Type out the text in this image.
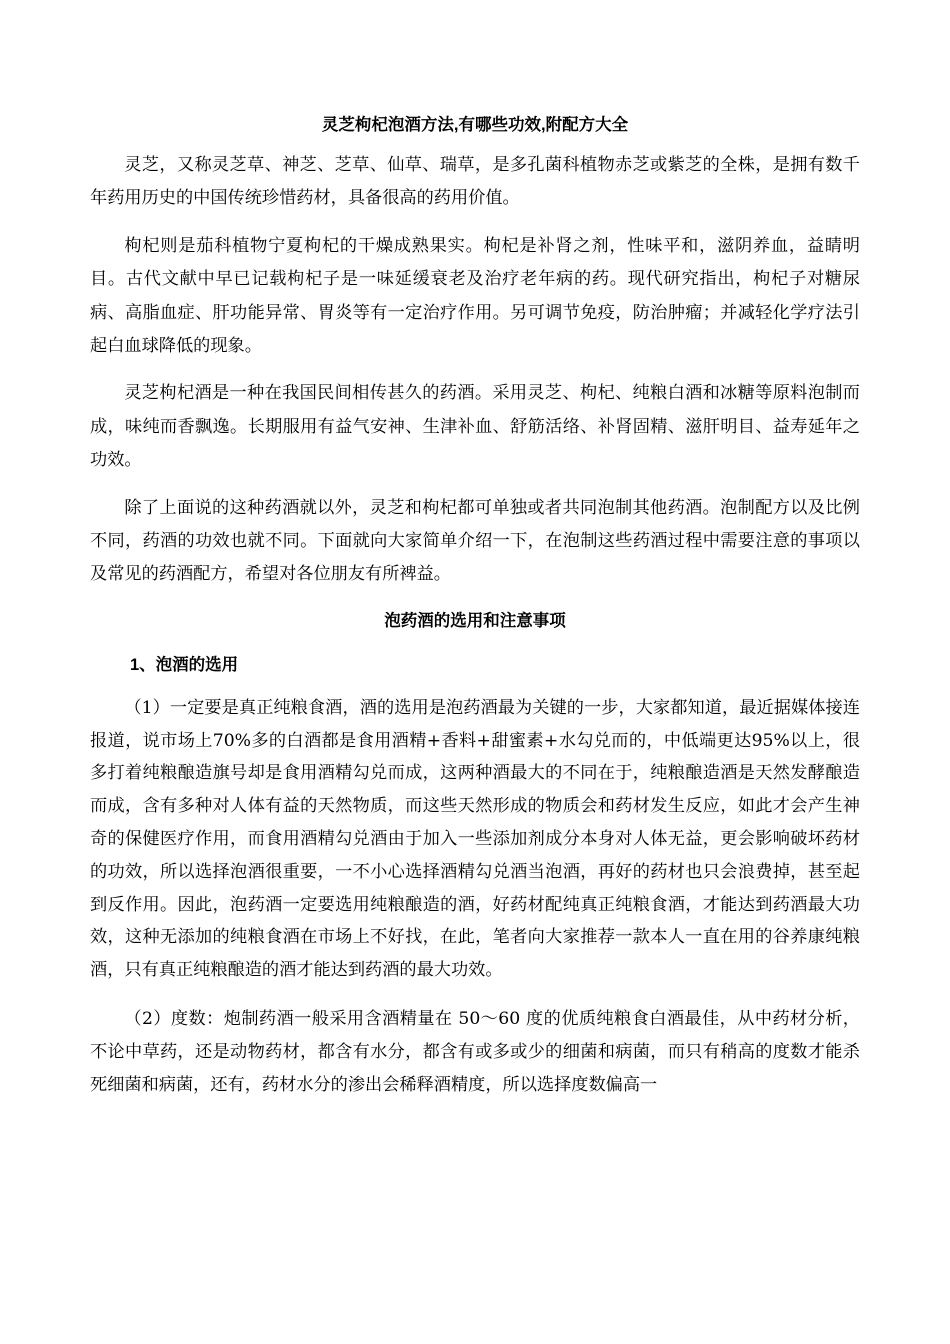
灵芝枸杞泡酒方法,有哪些功效,附配方大全

灵芝，又称灵芝草、神芝、芝草、仙草、瑞草，是多孔菌科植物赤芝或紫芝的全株，是拥有数千年药用历史的中国传统珍惜药材，具备很高的药用价值。

枸杞则是茄科植物宁夏枸杞的干燥成熟果实。枸杞是补肾之剂，性味平和，滋阴养血，益睛明目。古代文献中早已记载枸杞子是一味延缓衰老及治疗老年病的药。现代研究指出，枸杞子对糖尿病、高脂血症、肝功能异常、胃炎等有一定治疗作用。另可调节免疫，防治肿瘤；并减轻化学疗法引起白血球降低的现象。

灵芝枸杞酒是一种在我国民间相传甚久的药酒。采用灵芝、枸杞、纯粮白酒和冰糖等原料泡制而成，味纯而香飘逸。长期服用有益气安神、生津补血、舒筋活络、补肾固精、滋肝明目、益寿延年之功效。

除了上面说的这种药酒就以外，灵芝和枸杞都可单独或者共同泡制其他药酒。泡制配方以及比例不同，药酒的功效也就不同。下面就向大家简单介绍一下，在泡制这些药酒过程中需要注意的事项以及常见的药酒配方，希望对各位朋友有所裨益。

泡药酒的选用和注意事项
1、泡酒的选用

（1）一定要是真正纯粮食酒，酒的选用是泡药酒最为关键的一步，大家都知道，最近据媒体接连报道，说市场上70%多的白酒都是食用酒精+香料+甜蜜素+水勾兑而的，中低端更达95%以上，很多打着纯粮酿造旗号却是食用酒精勾兑而成，这两种酒最大的不同在于，纯粮酿造酒是天然发酵酿造而成，含有多种对人体有益的天然物质，而这些天然形成的物质会和药材发生反应，如此才会产生神奇的保健医疗作用，而食用酒精勾兑酒由于加入一些添加剂成分本身对人体无益，更会影响破坏药材的功效，所以选择泡酒很重要，一不小心选择酒精勾兑酒当泡酒，再好的药材也只会浪费掉，甚至起到反作用。因此，泡药酒一定要选用纯粮酿造的酒，好药材配纯真正纯粮食酒，才能达到药酒最大功效，这种无添加的纯粮食酒在市场上不好找，在此，笔者向大家推荐一款本人一直在用的谷养康纯粮酒，只有真正纯粮酿造的酒才能达到药酒的最大功效。

（2）度数：炮制药酒一般采用含酒精量在 50～60 度的优质纯粮食白酒最佳，从中药材分析，不论中草药，还是动物药材，都含有水分，都含有或多或少的细菌和病菌，而只有稍高的度数才能杀死细菌和病菌，还有，药材水分的渗出会稀释酒精度，所以选择度数偏高一
